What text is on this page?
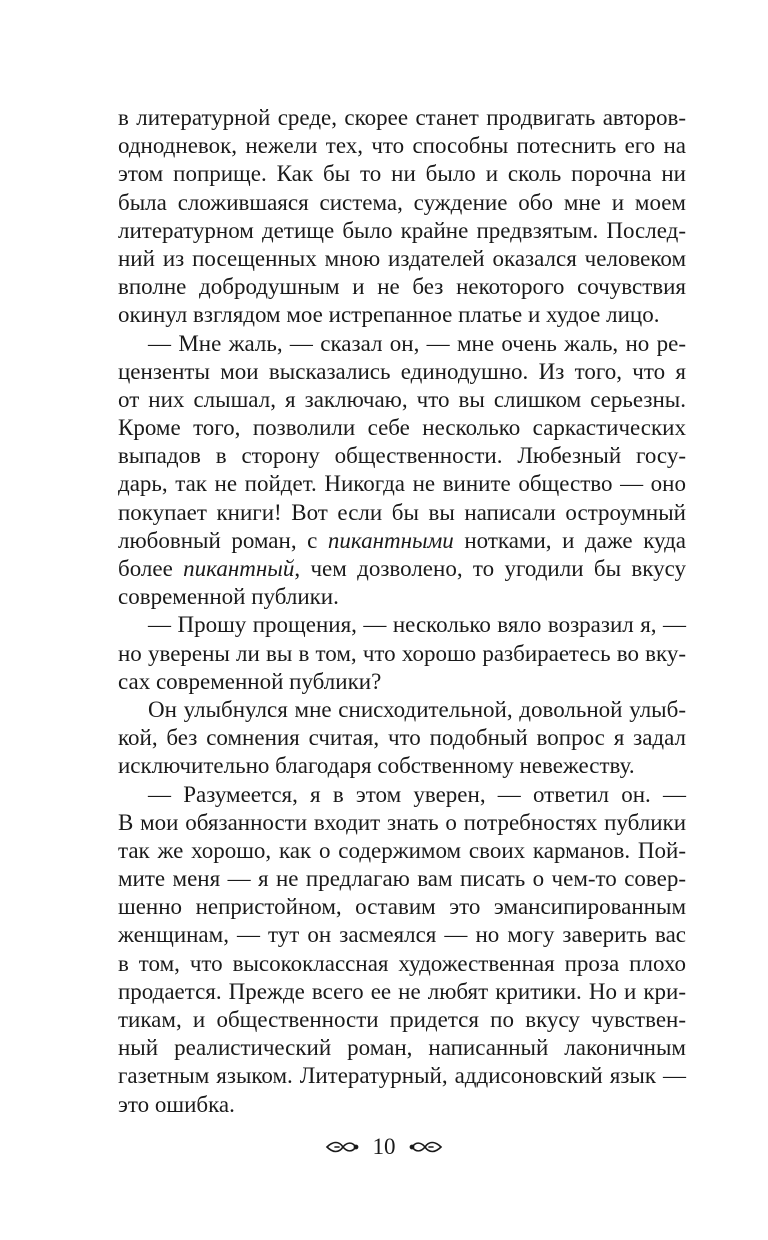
в литературной среде, скорее станет продвигать авторов-
однодневок, нежели тех, что способны потеснить его на
этом поприще. Как бы то ни было и сколь порочна ни
была сложившаяся система, суждение обо мне и моем
литературном детище было крайне предвзятым. Послед-
ний из посещенных мною издателей оказался человеком
вполне добродушным и не без некоторого сочувствия
окинул взглядом мое истрепанное платье и худое лицо.
— Мне жаль, — сказал он, — мне очень жаль, но ре-
цензенты мои высказались единодушно. Из того, что я
от них слышал, я заключаю, что вы слишком серьезны.
Кроме того, позволили себе несколько саркастических
выпадов в сторону общественности. Любезный госу-
дарь, так не пойдет. Никогда не вините общество — оно
покупает книги! Вот если бы вы написали остроумный
любовный роман, с пикантными нотками, и даже куда
более пикантный, чем дозволено, то угодили бы вкусу
современной публики.
— Прошу прощения, — несколько вяло возразил я, —
но уверены ли вы в том, что хорошо разбираетесь во вку-
сах современной публики?
Он улыбнулся мне снисходительной, довольной улыб-
кой, без сомнения считая, что подобный вопрос я задал
исключительно благодаря собственному невежеству.
— Разумеется, я в этом уверен, — ответил он. —
В мои обязанности входит знать о потребностях публики
так же хорошо, как о содержимом своих карманов. Пой-
мите меня — я не предлагаю вам писать о чем-то совер-
шенно непристойном, оставим это эмансипированным
женщинам, — тут он засмеялся — но могу заверить вас
в том, что высококлассная художественная проза плохо
продается. Прежде всего ее не любят критики. Но и кри-
тикам, и общественности придется по вкусу чувствен-
ный реалистический роман, написанный лаконичным
газетным языком. Литературный, аддисоновский язык —
это ошибка.
10
